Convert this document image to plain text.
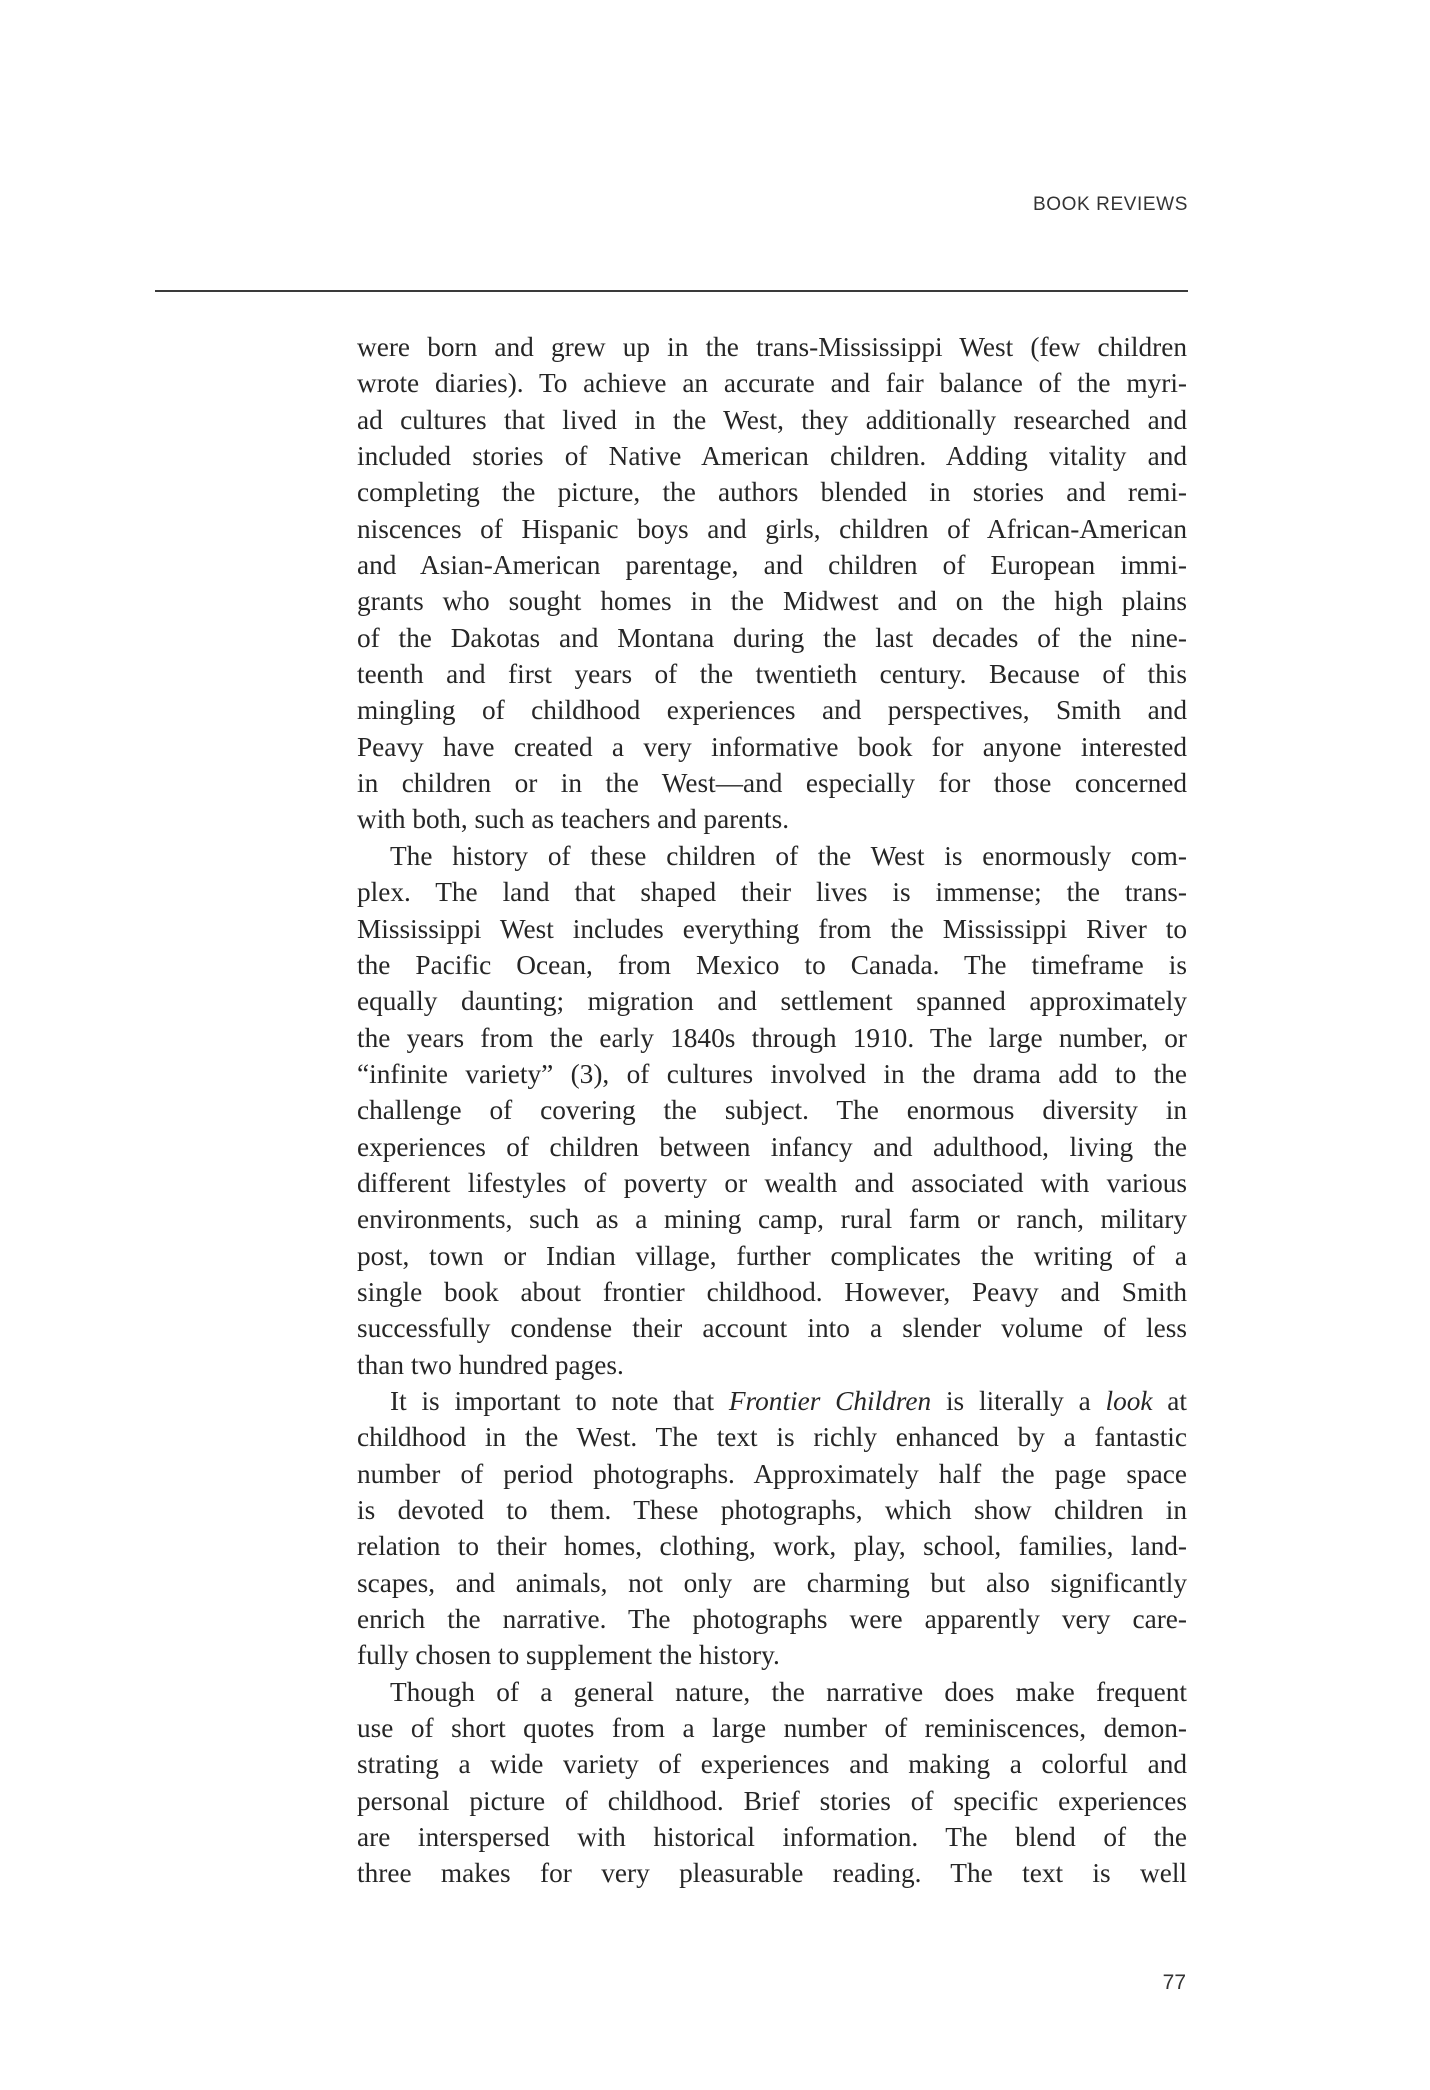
BOOK REVIEWS
were born and grew up in the trans-Mississippi West (few children
wrote diaries). To achieve an accurate and fair balance of the myri-
ad cultures that lived in the West, they additionally researched and
included stories of Native American children. Adding vitality and
completing the picture, the authors blended in stories and remi-
niscences of Hispanic boys and girls, children of African-American
and Asian-American parentage, and children of European immi-
grants who sought homes in the Midwest and on the high plains
of the Dakotas and Montana during the last decades of the nine-
teenth and first years of the twentieth century. Because of this
mingling of childhood experiences and perspectives, Smith and
Peavy have created a very informative book for anyone interested
in children or in the West—and especially for those concerned
with both, such as teachers and parents.
The history of these children of the West is enormously com-
plex. The land that shaped their lives is immense; the trans-
Mississippi West includes everything from the Mississippi River to
the Pacific Ocean, from Mexico to Canada. The timeframe is
equally daunting; migration and settlement spanned approximately
the years from the early 1840s through 1910. The large number, or
“infinite variety” (3), of cultures involved in the drama add to the
challenge of covering the subject. The enormous diversity in
experiences of children between infancy and adulthood, living the
different lifestyles of poverty or wealth and associated with various
environments, such as a mining camp, rural farm or ranch, military
post, town or Indian village, further complicates the writing of a
single book about frontier childhood. However, Peavy and Smith
successfully condense their account into a slender volume of less
than two hundred pages.
It is important to note that Frontier Children is literally a look at
childhood in the West. The text is richly enhanced by a fantastic
number of period photographs. Approximately half the page space
is devoted to them. These photographs, which show children in
relation to their homes, clothing, work, play, school, families, land-
scapes, and animals, not only are charming but also significantly
enrich the narrative. The photographs were apparently very care-
fully chosen to supplement the history.
Though of a general nature, the narrative does make frequent
use of short quotes from a large number of reminiscences, demon-
strating a wide variety of experiences and making a colorful and
personal picture of childhood. Brief stories of specific experiences
are interspersed with historical information. The blend of the
three makes for very pleasurable reading. The text is well
77
